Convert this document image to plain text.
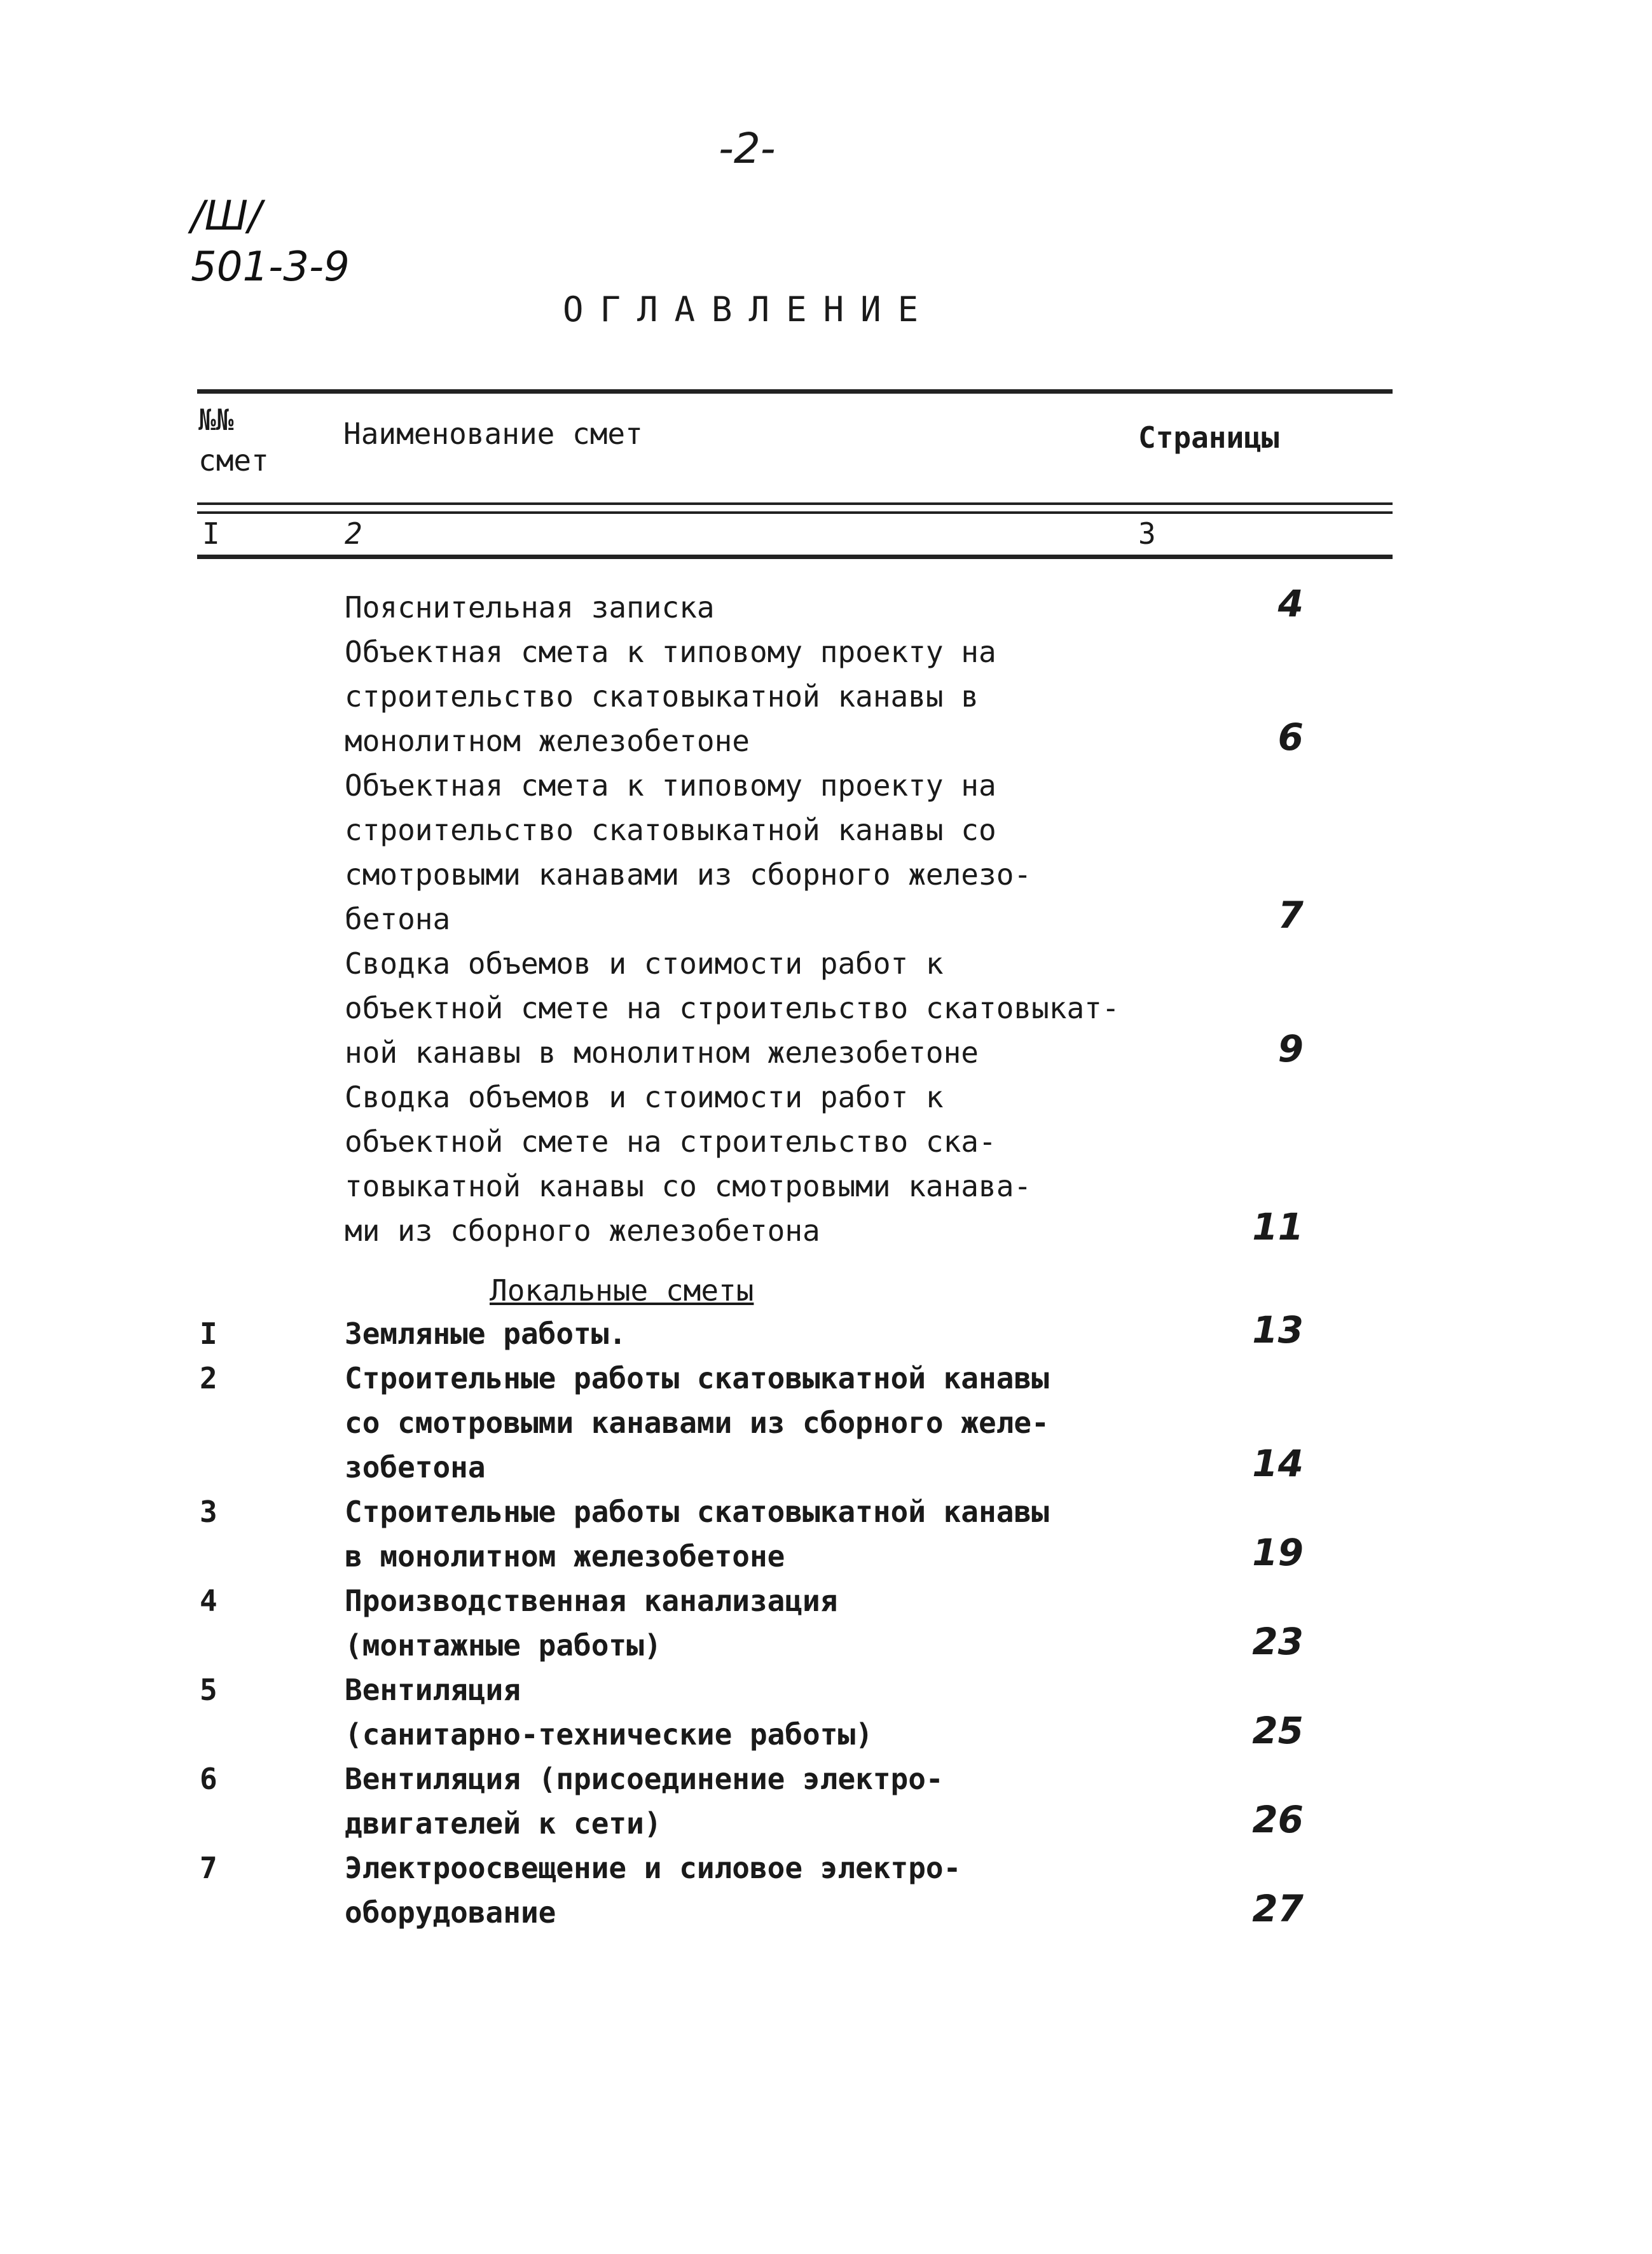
-2-
/Ш/
501-3-9
ОГЛАВЛЕНИЕ
№№
смет
Наименование смет	Страницы
I	2	3
Пояснительная записка	4
Объектная смета к типовому проекту на
строительство скатовыкатной канавы в
монолитном железобетоне	6
Объектная смета к типовому проекту на
строительство скатовыкатной канавы со
смотровыми канавами из сборного железо-
бетона	7
Сводка объемов и стоимости работ к
объектной смете на строительство скатовыкат-
ной канавы в монолитном железобетоне	9
Сводка объемов и стоимости работ к
объектной смете на строительство ска-
товыкатной канавы со смотровыми канава-
ми из сборного железобетона	11
Локальные сметы
I	Земляные работы.	13
2	Строительные работы скатовыкатной канавы
со смотровыми канавами из сборного желе-
зобетона	14
3	Строительные работы скатовыкатной канавы
в монолитном железобетоне	19
4	Производственная канализация
(монтажные работы)	23
5	Вентиляция
(санитарно-технические работы)	25
6	Вентиляция (присоединение электро-
двигателей к сети)	26
7	Электроосвещение и силовое электро-
оборудование	27
